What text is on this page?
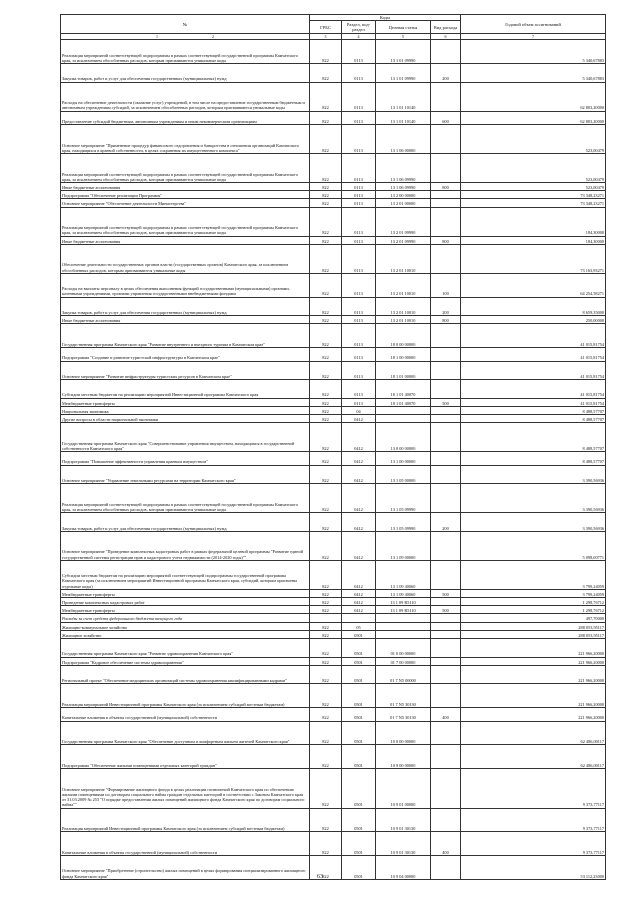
№	Коды				Годовой объем ассигнований
	ГРБС	Раздел, под-раздел	Целевая статья	Вид расхода	
1 2	3	4	5	6	7
Реализация мероприятий соответствующей подпрограммы в рамках соответствующей государственной программы Камчатского края, за исключением обособленных расходов, которым присваиваются уникальные коды	822	0113	13 1 01 09990		5 340,67883
Закупка товаров, работ и услуг для обеспечения государственных (муниципальных) нужд	822	0113	13 1 01 09990	200	5 340,67883
Расходы на обеспечение деятельности (оказание услуг) учреждений, в том числе на предоставление государственным бюджетным и автономным учреждениям субсидий, за исключением обособленных расходов, которым присваиваются уникальные коды	822	0113	13 1 01 10140		62 803,20000
Предоставление субсидий бюджетным, автономным учреждениям и иным некоммерческим организациям	822	0113	13 1 01 10140	600	62 803,20000
Основное мероприятие "Применение процедур финансового оздоровления и банкротства в отношении организаций Камчатского края, находящихся в краевой собственности, в целях сохранения их имущественного комплекса"	822	0113	13 1 06 00000		523,00479
Реализация мероприятий соответствующей подпрограммы в рамках соответствующей государственной программы Камчатского края, за исключением обособленных расходов, которым присваиваются уникальные коды	822	0113	13 1 06 09990		523,00479
Иные бюджетные ассигнования	822	0113	13 1 06 09990	800	523,00479
Подпрограмма "Обеспечение реализации Программы"	822	0113	13 2 00 00000		73 348,23271
Основное мероприятие "Обеспечение деятельности Министерства"	822	0113	13 2 01 00000		73 348,23271
Реализация мероприятий соответствующей подпрограммы в рамках соответствующей государственной программы Камчатского края, за исключением обособленных расходов, которым присваиваются уникальные коды	822	0113	13 2 01 09990		184,30000
Иные бюджетные ассигнования	822	0113	13 2 01 09990	800	184,30000
Обеспечение деятельности государственных органов власти (государственных органов) Камчатского края, за исключением обособленных расходов, которым присваиваются уникальные коды	822	0113	13 2 01 10010		73 163,93271
Расходы на выплаты персоналу в целях обеспечения выполнения функций государственными (муниципальными) органами, казенными учреждениями, органами управления государственными внебюджетными фондами	822	0113	13 2 01 10010	100	64 254,58271
Закупка товаров, работ и услуг для обеспечения государственных (муниципальных) нужд	822	0113	13 2 01 10010	200	8 659,35000
Иные бюджетные ассигнования	822	0113	13 2 01 10010	800	250,00000
Государственная программа Камчатского края "Развитие внутреннего и въездного туризма в Камчатском крае"	822	0113	18 0 00 00000		41 015,81754
Подпрограмма "Создание и развитие туристской инфраструктуры в Камчатском крае"	822	0113	18 1 00 00000		41 015,81754
Основное мероприятие "Развитие инфраструктуры туристских ресурсов в Камчатском крае"	822	0113	18 1 01 00000		41 015,81754
Субсидии местным бюджетам на реализацию мероприятий Инвестиционной программы Камчатского края	822	0113	18 1 01 40070		41 015,81754
Межбюджетные трансферты	822	0113	18 1 01 40070	500	41 015,81754
Национальная экономика	822	04			8 488,57707
Другие вопросы в области национальной экономики	822	0412			8 488,57707
Государственная программа Камчатского края "Совершенствование управления имуществом, находящимся в государственной собственности Камчатского края"	822	0412	13 0 00 00000		8 488,57707
Подпрограмма "Повышение эффективности управления краевым имуществом"	822	0412	13 1 00 00000		8 488,57707
Основное мероприятие "Управление земельными ресурсами на территории Камчатского края"	822	0412	13 1 05 00000		3 390,56936
Реализация мероприятий соответствующей подпрограммы в рамках соответствующей государственной программы Камчатского края, за исключением обособленных расходов, которым присваиваются уникальные коды	822	0412	13 1 05 09990		3 390,56936
Закупка товаров, работ и услуг для обеспечения государственных (муниципальных) нужд	822	0412	13 1 05 09990	200	3 390,56936
Основное мероприятие "Проведение комплексных кадастровых работ в рамках федеральной целевой программы "Развитие единой государственной системы регистрации прав и кадастрового учета недвижимости (2014-2020 годы)""	822	0412	13 1 09 00000		5 098,00771
Субсидии местным бюджетам на реализацию мероприятий соответствующей подпрограммы государственной программы Камчатского края (за исключением мероприятий Инвестиционной программы Камчатского края, субсидий, которым присвоены отдельные коды)	822	0412	13 1 09 40060		3 799,24059
Межбюджетные трансферты	822	0412	13 1 09 40060	500	3 799,24059
Проведение комплексных кадастровых работ	822	0412	13 1 09 R5110		1 298,76712
Межбюджетные трансферты	822	0412	13 1 09 R5110	500	1 298,76712
Расходы за счет средств федерального бюджета текущего года					497,70000
Жилищно-коммунальное хозяйство	822	05			288 053,95117
Жилищное хозяйство	822	0501			288 053,95117
Государственная программа Камчатского края "Развитие здравоохранения Камчатского края"	822	0501	01 0 00 00000		221 966,20000
Подпрограмма "Кадровое обеспечение системы здравоохранения"	822	0501	01 7 00 00000		221 966,20000
Региональный проект "Обеспечение медицинских организаций системы здравоохранения квалифицированными кадрами"	822	0501	01 7 N5 00000		221 966,20000
Реализация мероприятий Инвестиционной программы Камчатского края (за исключением субсидий местным бюджетам)	822	0501	01 7 N5 30130		221 966,20000
Капитальные вложения в объекты государственной (муниципальной) собственности	822	0501	01 7 N5 30130	400	221 966,20000
Государственная программа Камчатского края "Обеспечение доступным и комфортным жильем жителей Камчатского края"	822	0501	10 0 00 00000		62 486,00117
Подпрограмма "Обеспечение жилыми помещениями отдельных категорий граждан"	822	0501	10 9 00 00000		62 486,00117
Основное мероприятие "Формирование жилищного фонда в целях реализации полномочий Камчатского края по обеспечению жилыми помещениями по договорам социального найма граждан отдельных категорий в соответствии с Законом Камчатского края от 31.03.2009 № 253 "О порядке предоставления жилых помещений жилищного фонда Камчатского края по договорам социального найма""	822	0501	10 9 01 00000		9 373,77117
Реализация мероприятий Инвестиционной программы Камчатского края (за исключением субсидий местным бюджетам)	822	0501	10 9 01 30130		9 373,77117
Капитальные вложения в объекты государственной (муниципальной) собственности	822	0501	10 9 01 30130	400	9 373,77117
Основное мероприятие "Приобретение (строительство) жилых помещений в целях формирования специализированного жилищного фонда Камчатского края"	822	0501	10 9 04 00000		53 112,23000
63
